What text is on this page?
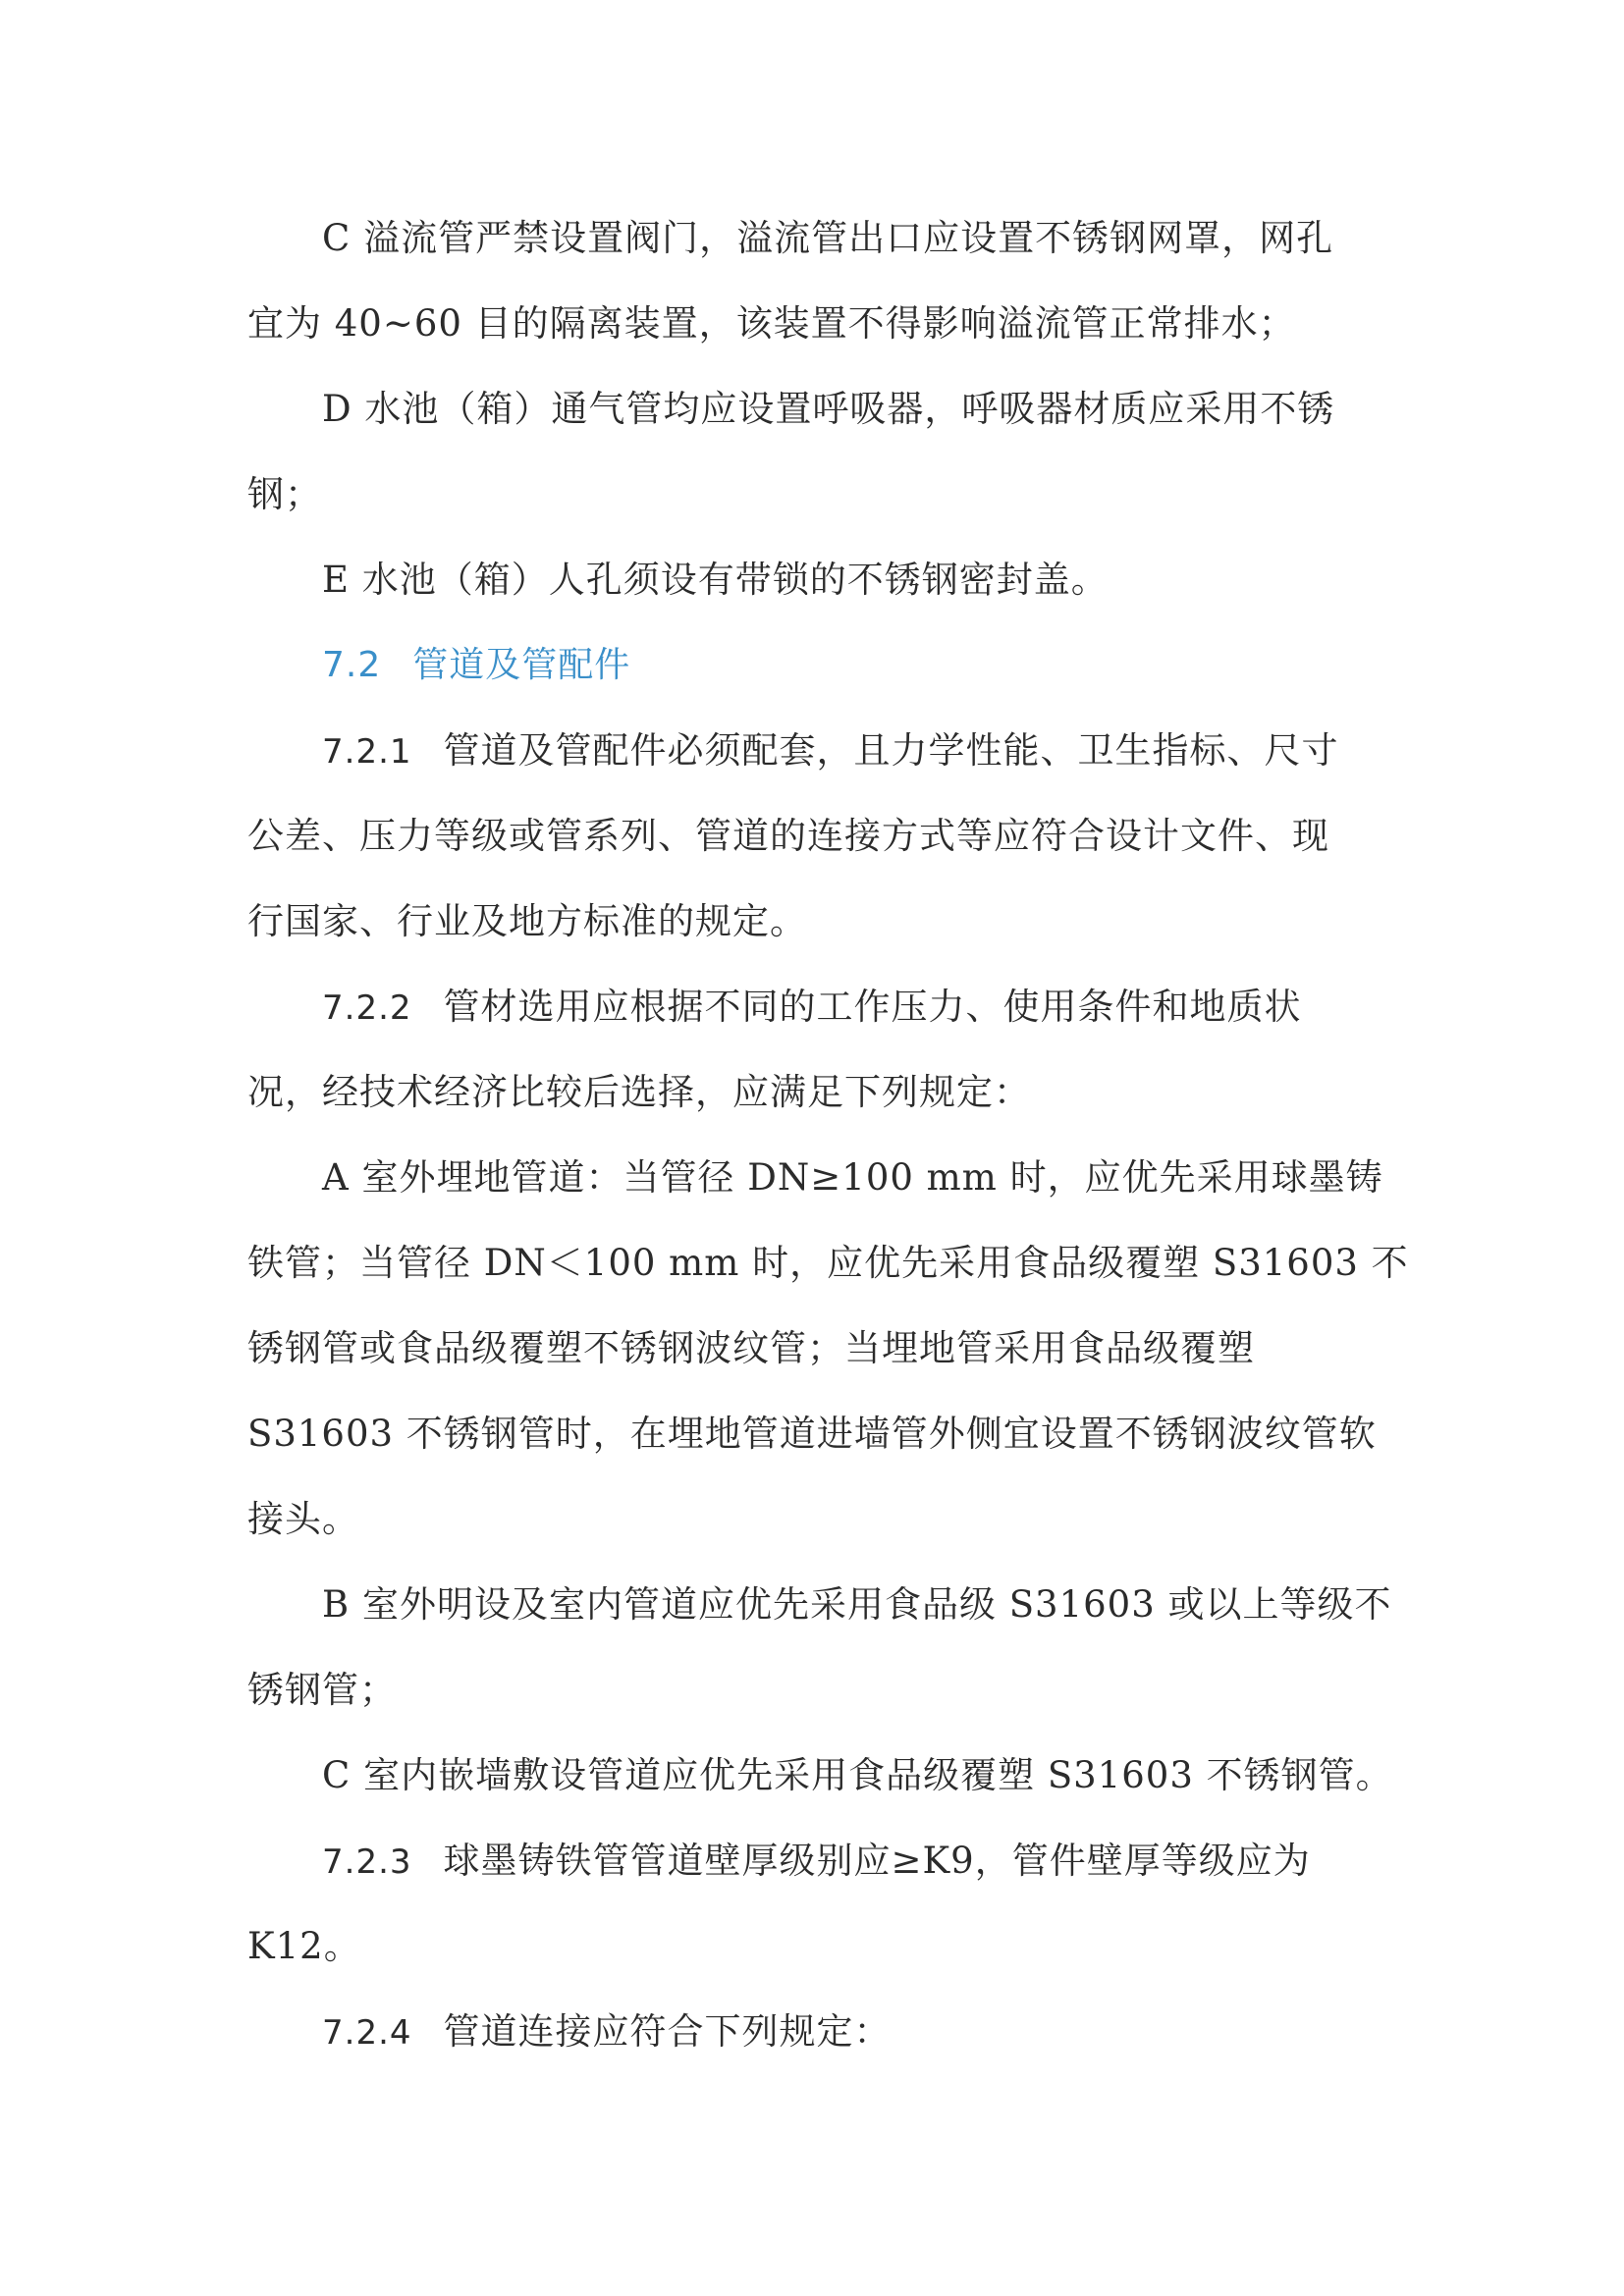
C 溢流管严禁设置阀门，溢流管出口应设置不锈钢网罩，网孔
宜为 40~60 目的隔离装置，该装置不得影响溢流管正常排水；
D 水池（箱）通气管均应设置呼吸器，呼吸器材质应采用不锈
钢；
E 水池（箱）人孔须设有带锁的不锈钢密封盖。
7.2 管道及管配件
7.2.1 管道及管配件必须配套，且力学性能、卫生指标、尺寸
公差、压力等级或管系列、管道的连接方式等应符合设计文件、现
行国家、行业及地方标准的规定。
7.2.2 管材选用应根据不同的工作压力、使用条件和地质状
况，经技术经济比较后选择，应满足下列规定：
A 室外埋地管道：当管径 DN≥100 mm 时，应优先采用球墨铸
铁管；当管径 DN＜100 mm 时，应优先采用食品级覆塑 S31603 不
锈钢管或食品级覆塑不锈钢波纹管；当埋地管采用食品级覆塑
S31603 不锈钢管时，在埋地管道进墙管外侧宜设置不锈钢波纹管软
接头。
B 室外明设及室内管道应优先采用食品级 S31603 或以上等级不
锈钢管；
C 室内嵌墙敷设管道应优先采用食品级覆塑 S31603 不锈钢管。
7.2.3 球墨铸铁管管道壁厚级别应≥K9，管件壁厚等级应为
K12。
7.2.4 管道连接应符合下列规定：
